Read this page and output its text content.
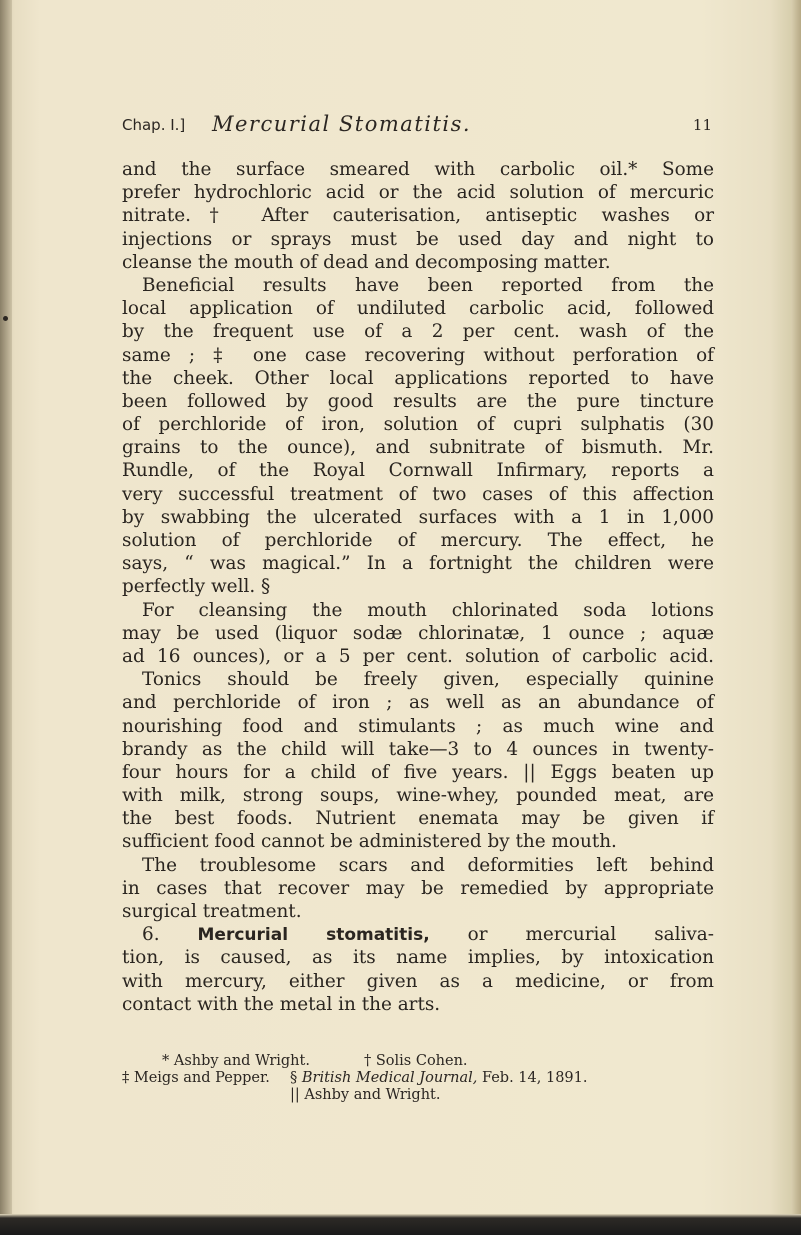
Chap. I.] Mercurial Stomatitis.	11
and the surface smeared with carbolic oil.* Some
prefer hydrochloric acid or the acid solution of mercuric
nitrate.† After cauterisation, antiseptic washes or
injections or sprays must be used day and night to
cleanse the mouth of dead and decomposing matter.
Beneficial results have been reported from the
local application of undiluted carbolic acid, followed
by the frequent use of a 2 per cent. wash of the
same ; ‡ one case recovering without perforation of
the cheek. Other local applications reported to have
been followed by good results are the pure tincture
of perchloride of iron, solution of cupri sulphatis (30
grains to the ounce), and subnitrate of bismuth. Mr.
Rundle, of the Royal Cornwall Infirmary, reports a
very successful treatment of two cases of this affection
by swabbing the ulcerated surfaces with a 1 in 1,000
solution of perchloride of mercury. The effect, he
says, “ was magical.” In a fortnight the children were
perfectly well. §
For cleansing the mouth chlorinated soda lotions
may be used (liquor sodæ chlorinatæ, 1 ounce ; aquæ
ad 16 ounces), or a 5 per cent. solution of carbolic acid.
Tonics should be freely given, especially quinine
and perchloride of iron ; as well as an abundance of
nourishing food and stimulants ; as much wine and
brandy as the child will take—3 to 4 ounces in twenty-
four hours for a child of five years. || Eggs beaten up
with milk, strong soups, wine-whey, pounded meat, are
the best foods. Nutrient enemata may be given if
sufficient food cannot be administered by the mouth.
The troublesome scars and deformities left behind
in cases that recover may be remedied by appropriate
surgical treatment.
6. Mercurial stomatitis, or mercurial saliva-
tion, is caused, as its name implies, by intoxication
with mercury, either given as a medicine, or from
contact with the metal in the arts.
* Ashby and Wright.	† Solis Cohen.
‡ Meigs and Pepper. § British Medical Journal, Feb. 14, 1891.
|| Ashby and Wright.
